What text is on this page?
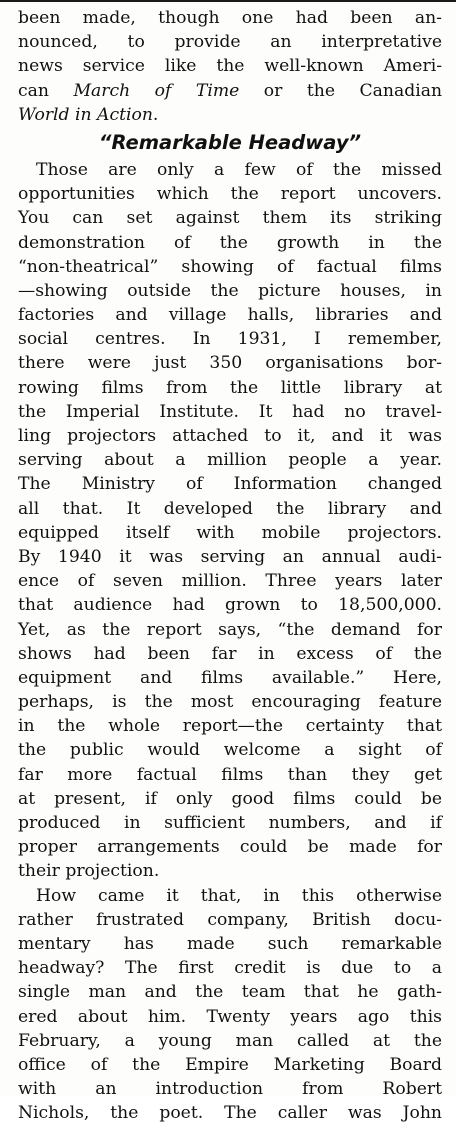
been made, though one had been an-
nounced, to provide an interpretative
news service like the well-known Ameri-
can March of Time or the Canadian
World in Action.
“Remarkable Headway”
Those are only a few of the missed
opportunities which the report uncovers.
You can set against them its striking
demonstration of the growth in the
“non-theatrical” showing of factual films
—showing outside the picture houses, in
factories and village halls, libraries and
social centres. In 1931, I remember,
there were just 350 organisations bor-
rowing films from the little library at
the Imperial Institute. It had no travel-
ling projectors attached to it, and it was
serving about a million people a year.
The Ministry of Information changed
all that. It developed the library and
equipped itself with mobile projectors.
By 1940 it was serving an annual audi-
ence of seven million. Three years later
that audience had grown to 18,500,000.
Yet, as the report says, “the demand for
shows had been far in excess of the
equipment and films available.” Here,
perhaps, is the most encouraging feature
in the whole report—the certainty that
the public would welcome a sight of
far more factual films than they get
at present, if only good films could be
produced in sufficient numbers, and if
proper arrangements could be made for
their projection.
How came it that, in this otherwise
rather frustrated company, British docu-
mentary has made such remarkable
headway? The first credit is due to a
single man and the team that he gath-
ered about him. Twenty years ago this
February, a young man called at the
office of the Empire Marketing Board
with an introduction from Robert
Nichols, the poet. The caller was John
